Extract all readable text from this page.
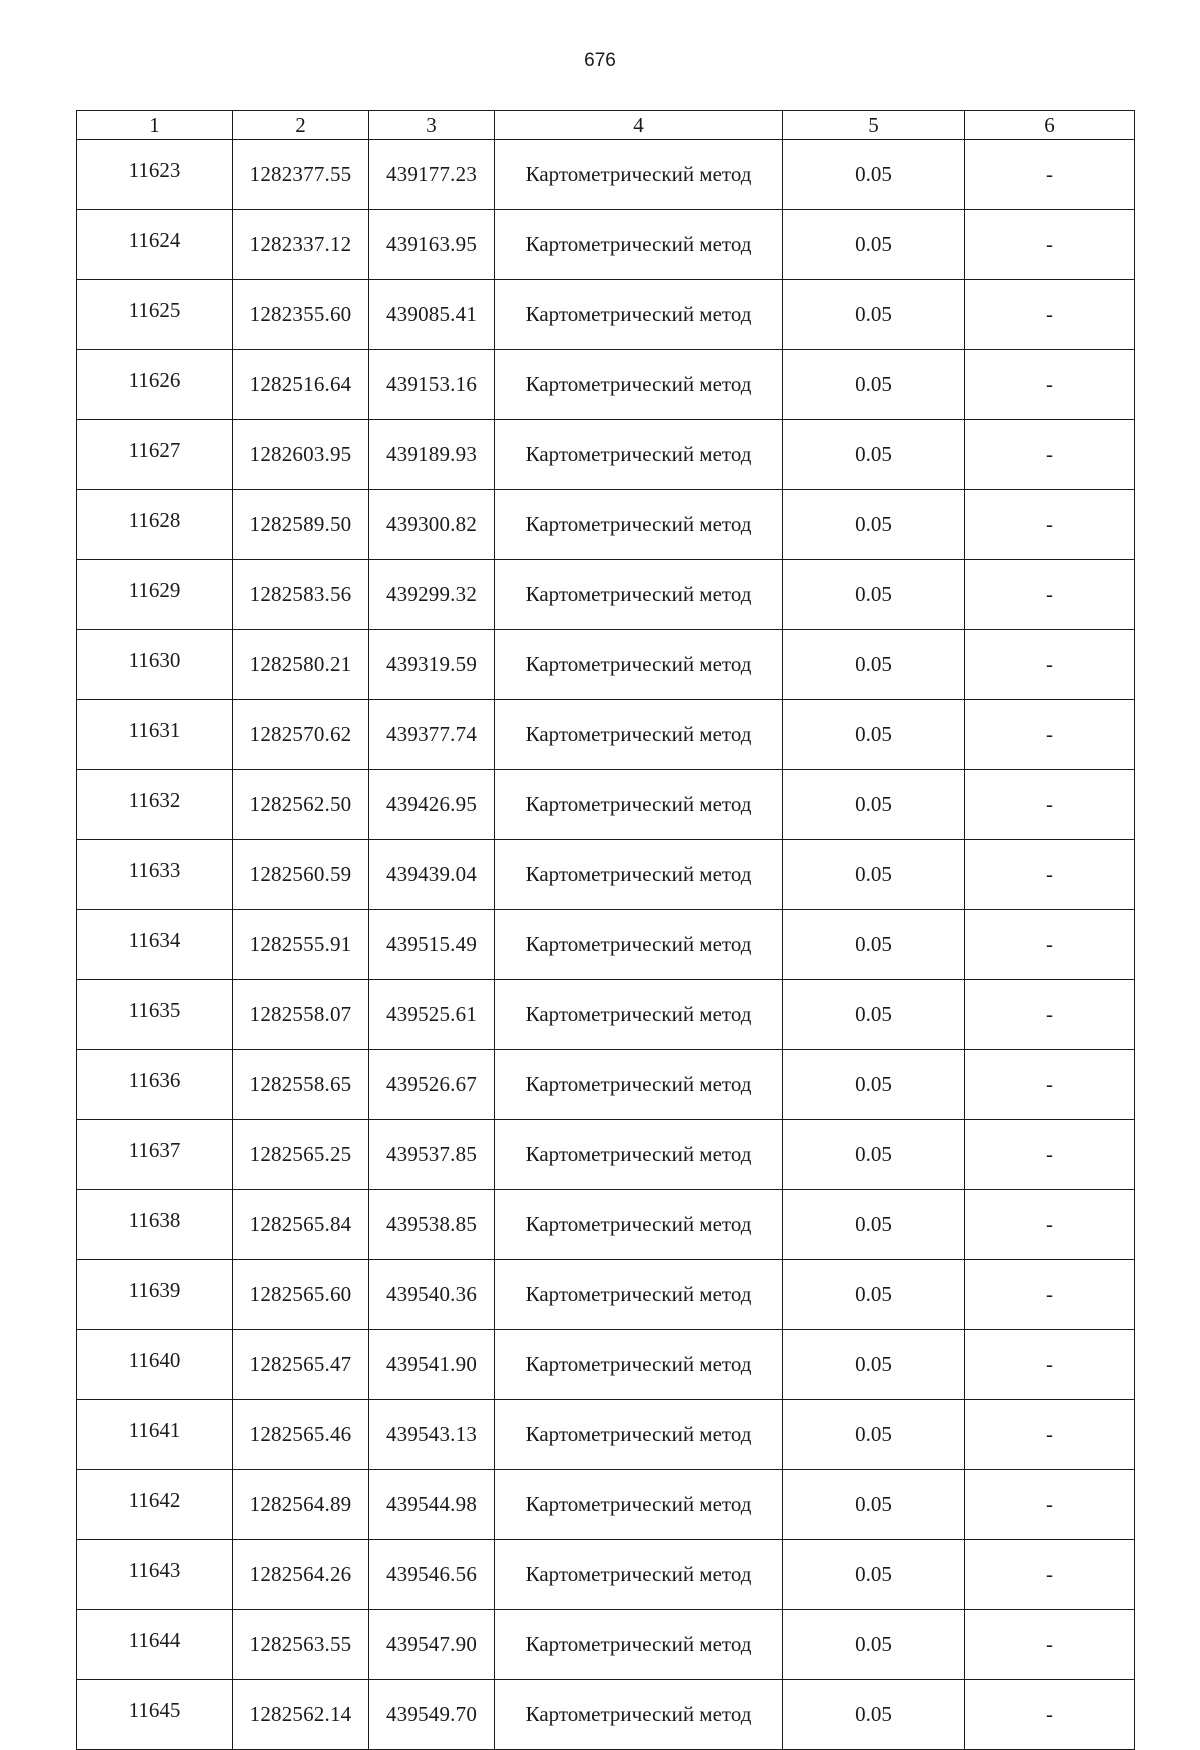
676
1	2	3	4	5	6
11623	1282377.55	439177.23	Картометрический метод	0.05	-
11624	1282337.12	439163.95	Картометрический метод	0.05	-
11625	1282355.60	439085.41	Картометрический метод	0.05	-
11626	1282516.64	439153.16	Картометрический метод	0.05	-
11627	1282603.95	439189.93	Картометрический метод	0.05	-
11628	1282589.50	439300.82	Картометрический метод	0.05	-
11629	1282583.56	439299.32	Картометрический метод	0.05	-
11630	1282580.21	439319.59	Картометрический метод	0.05	-
11631	1282570.62	439377.74	Картометрический метод	0.05	-
11632	1282562.50	439426.95	Картометрический метод	0.05	-
11633	1282560.59	439439.04	Картометрический метод	0.05	-
11634	1282555.91	439515.49	Картометрический метод	0.05	-
11635	1282558.07	439525.61	Картометрический метод	0.05	-
11636	1282558.65	439526.67	Картометрический метод	0.05	-
11637	1282565.25	439537.85	Картометрический метод	0.05	-
11638	1282565.84	439538.85	Картометрический метод	0.05	-
11639	1282565.60	439540.36	Картометрический метод	0.05	-
11640	1282565.47	439541.90	Картометрический метод	0.05	-
11641	1282565.46	439543.13	Картометрический метод	0.05	-
11642	1282564.89	439544.98	Картометрический метод	0.05	-
11643	1282564.26	439546.56	Картометрический метод	0.05	-
11644	1282563.55	439547.90	Картометрический метод	0.05	-
11645	1282562.14	439549.70	Картометрический метод	0.05	-
